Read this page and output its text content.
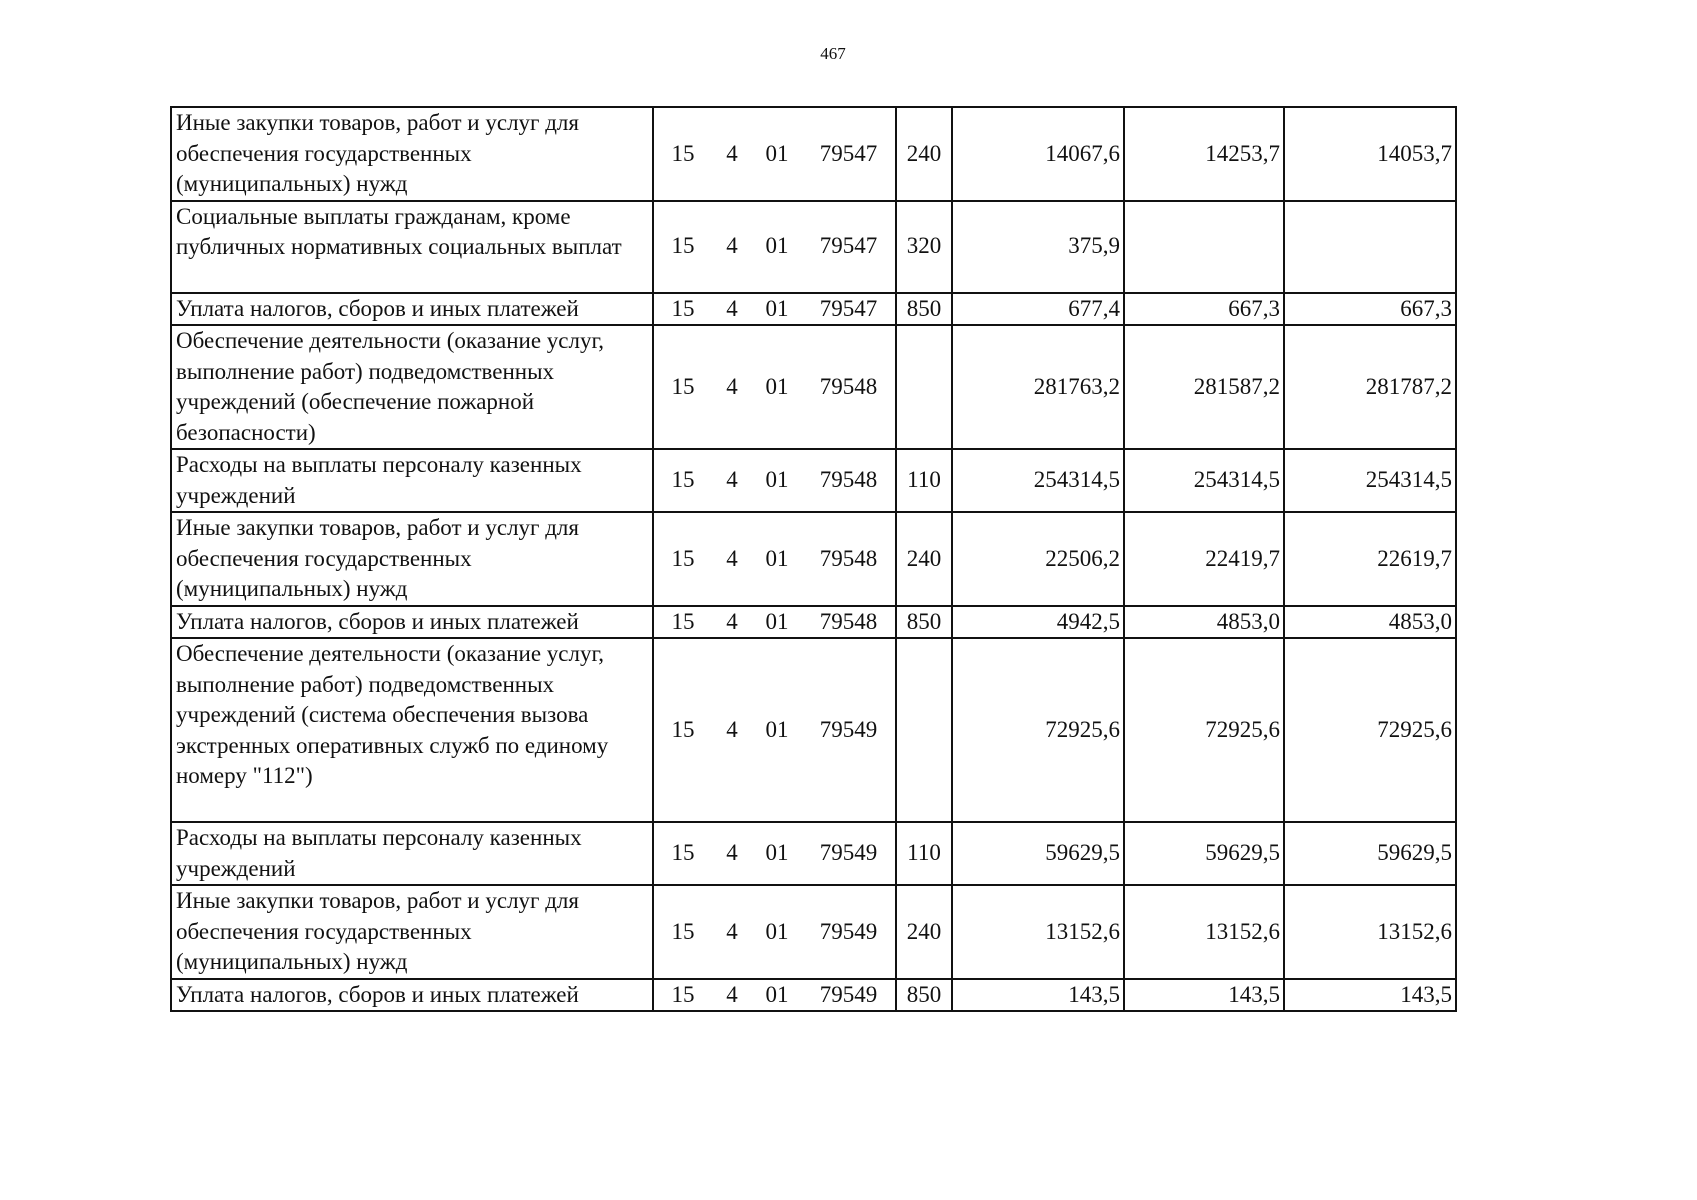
467
Иные закупки товаров, работ и услуг для обеспечения государственных (муниципальных) нужд	15 4 01 79547	240	14067,6	14253,7	14053,7
Социальные выплаты гражданам, кроме публичных нормативных социальных выплат	15 4 01 79547	320	375,9		
Уплата налогов, сборов и иных платежей	15 4 01 79547	850	677,4	667,3	667,3
Обеспечение деятельности (оказание услуг, выполнение работ) подведомственных учреждений (обеспечение пожарной безопасности)	15 4 01 79548		281763,2	281587,2	281787,2
Расходы на выплаты персоналу казенных учреждений	15 4 01 79548	110	254314,5	254314,5	254314,5
Иные закупки товаров, работ и услуг для обеспечения государственных (муниципальных) нужд	15 4 01 79548	240	22506,2	22419,7	22619,7
Уплата налогов, сборов и иных платежей	15 4 01 79548	850	4942,5	4853,0	4853,0
Обеспечение деятельности (оказание услуг, выполнение работ) подведомственных учреждений (система обеспечения вызова экстренных оперативных служб по единому номеру "112")	15 4 01 79549		72925,6	72925,6	72925,6
Расходы на выплаты персоналу казенных учреждений	15 4 01 79549	110	59629,5	59629,5	59629,5
Иные закупки товаров, работ и услуг для обеспечения государственных (муниципальных) нужд	15 4 01 79549	240	13152,6	13152,6	13152,6
Уплата налогов, сборов и иных платежей	15 4 01 79549	850	143,5	143,5	143,5
